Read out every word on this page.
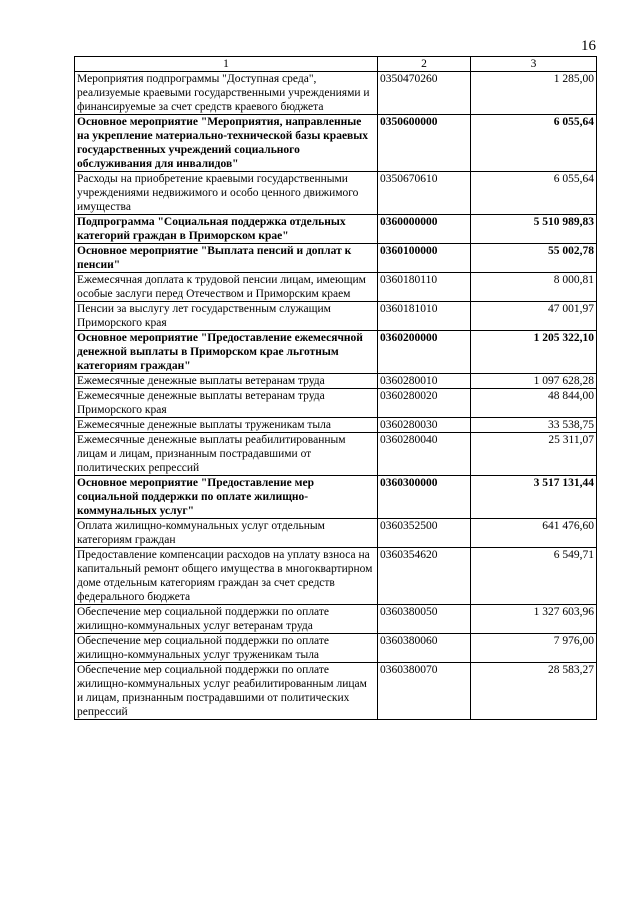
16
1	2	3
Мероприятия подпрограммы "Доступная среда", реализуемые краевыми государственными учреждениями и финансируемые за счет средств краевого бюджета	0350470260	1 285,00
Основное мероприятие "Мероприятия, направленные на укрепление материально-технической базы краевых государственных учреждений социального обслуживания для инвалидов"	0350600000	6 055,64
Расходы на приобретение краевыми государственными учреждениями недвижимого и особо ценного движимого имущества	0350670610	6 055,64
Подпрограмма "Социальная поддержка отдельных категорий граждан в Приморском крае"	0360000000	5 510 989,83
Основное мероприятие "Выплата пенсий и доплат к пенсии"	0360100000	55 002,78
Ежемесячная доплата к трудовой пенсии лицам, имеющим особые заслуги перед Отечеством и Приморским краем	0360180110	8 000,81
Пенсии за выслугу лет государственным служащим Приморского края	0360181010	47 001,97
Основное мероприятие "Предоставление ежемесячной денежной выплаты в Приморском крае льготным категориям граждан"	0360200000	1 205 322,10
Ежемесячные денежные выплаты ветеранам труда	0360280010	1 097 628,28
Ежемесячные денежные выплаты ветеранам труда Приморского края	0360280020	48 844,00
Ежемесячные денежные выплаты труженикам тыла	0360280030	33 538,75
Ежемесячные денежные выплаты реабилитированным лицам и лицам, признанным пострадавшими от политических репрессий	0360280040	25 311,07
Основное мероприятие "Предоставление мер социальной поддержки по оплате жилищно-коммунальных услуг"	0360300000	3 517 131,44
Оплата жилищно-коммунальных услуг отдельным категориям граждан	0360352500	641 476,60
Предоставление компенсации расходов на уплату взноса на капитальный ремонт общего имущества в многоквартирном доме отдельным категориям граждан за счет средств федерального бюджета	0360354620	6 549,71
Обеспечение мер социальной поддержки по оплате жилищно-коммунальных услуг ветеранам труда	0360380050	1 327 603,96
Обеспечение мер социальной поддержки по оплате жилищно-коммунальных услуг труженикам тыла	0360380060	7 976,00
Обеспечение мер социальной поддержки по оплате жилищно-коммунальных услуг реабилитированным лицам и лицам, признанным пострадавшими от политических репрессий	0360380070	28 583,27
